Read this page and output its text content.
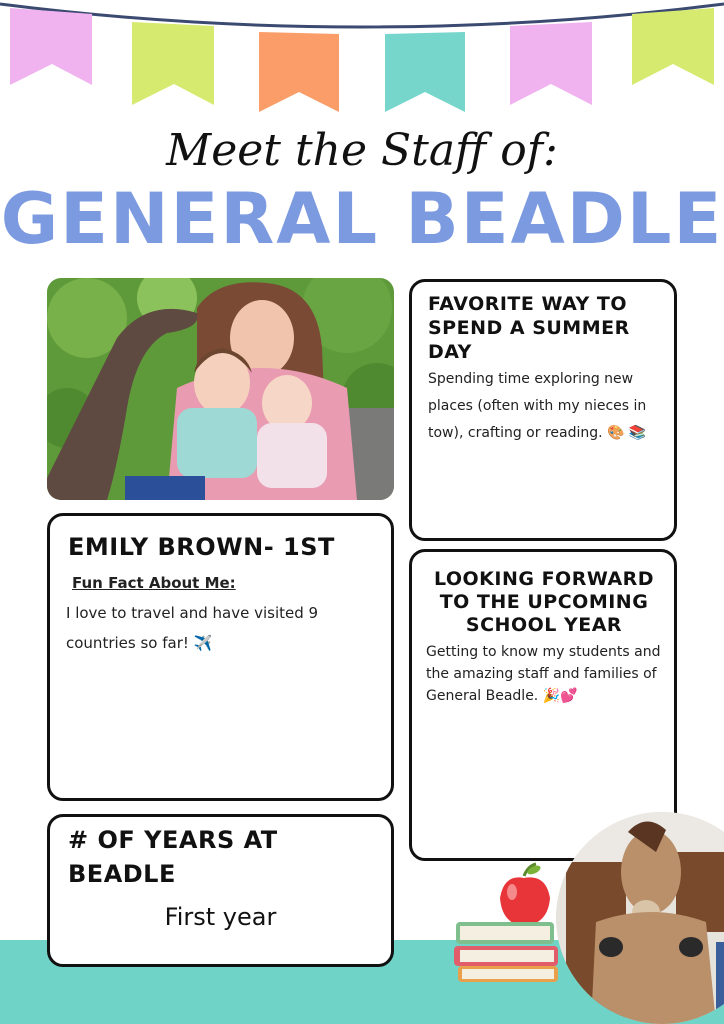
Meet the Staff of:
GENERAL BEADLE
FAVORITE WAY TO SPEND A SUMMER DAY

Spending time exploring new places (often with my nieces in tow), crafting or reading. 🎨 📚

EMILY BROWN- 1ST
Fun Fact About Me:

I love to travel and have visited 9 countries so far! ✈️

LOOKING FORWARD TO THE UPCOMING SCHOOL YEAR

Getting to know my students and the amazing staff and families of General Beadle. 🎉💕

# OF YEARS AT BEADLE
First year
